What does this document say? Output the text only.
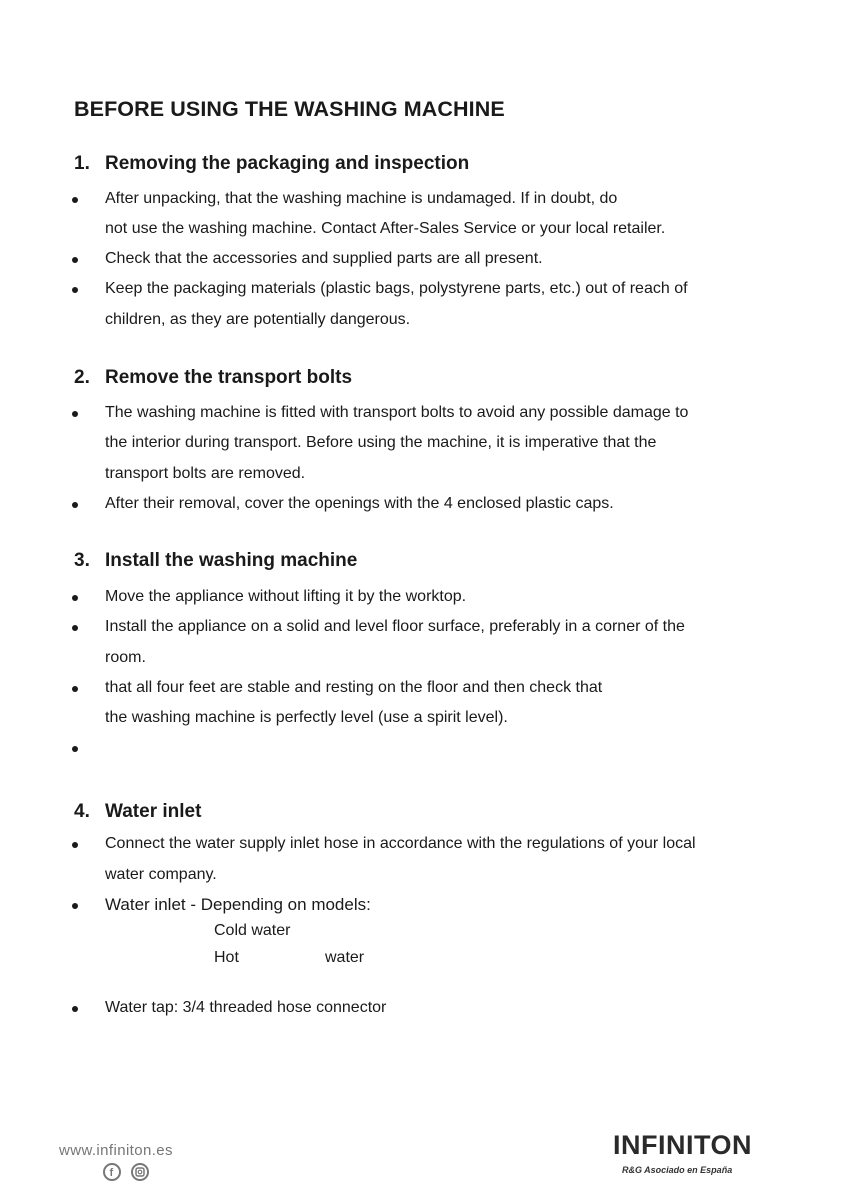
BEFORE USING THE WASHING MACHINE
1. Removing the packaging and inspection
After unpacking, that the washing machine is undamaged. If in doubt, do
not use the washing machine. Contact After-Sales Service or your local retailer.
Check that the accessories and supplied parts are all present.
Keep the packaging materials (plastic bags, polystyrene parts, etc.) out of reach of
children, as they are potentially dangerous.
2. Remove the transport bolts
The washing machine is fitted with transport bolts to avoid any possible damage to
the interior during transport. Before using the machine, it is imperative that the
transport bolts are removed.
After their removal, cover the openings with the 4 enclosed plastic caps.
3. Install the washing machine
Move the appliance without lifting it by the worktop.
Install the appliance on a solid and level floor surface, preferably in a corner of the
room.
that all four feet are stable and resting on the floor and then check that
the washing machine is perfectly level (use a spirit level).
4. Water inlet
Connect the water supply inlet hose in accordance with the regulations of your local
water company.
Water inlet - Depending on models:
Cold water
Hot	water
Water tap: 3/4 threaded hose connector
www.infiniton.es
f
INFINITON
R&G Asociado en España
